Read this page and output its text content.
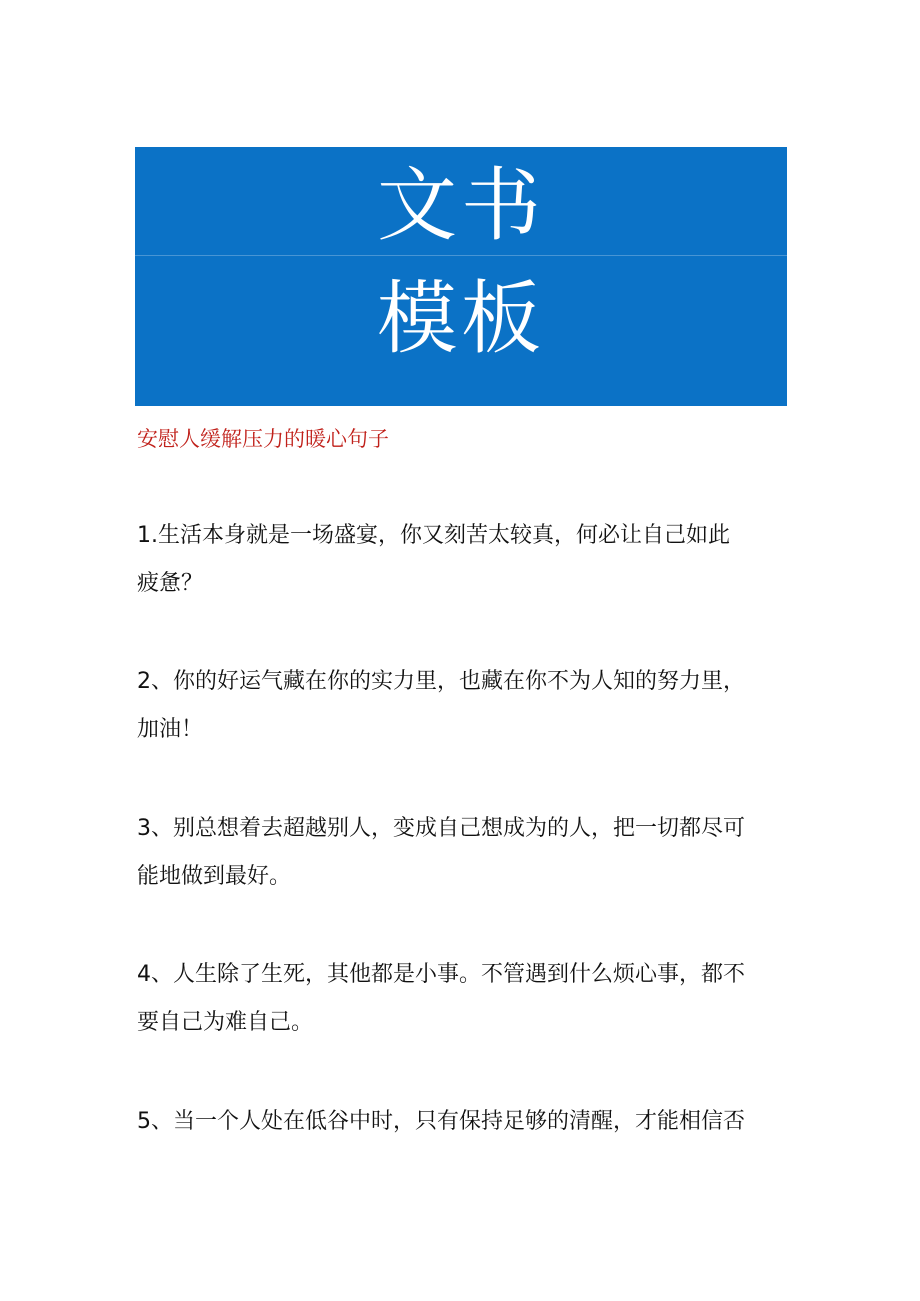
文书
模板
安慰人缓解压力的暖心句子
1.生活本身就是一场盛宴，你又刻苦太较真，何必让自己如此
疲惫？
2、你的好运气藏在你的实力里，也藏在你不为人知的努力里，
加油！
3、别总想着去超越别人，变成自己想成为的人，把一切都尽可
能地做到最好。
4、人生除了生死，其他都是小事。不管遇到什么烦心事，都不
要自己为难自己。
5、当一个人处在低谷中时，只有保持足够的清醒，才能相信否
